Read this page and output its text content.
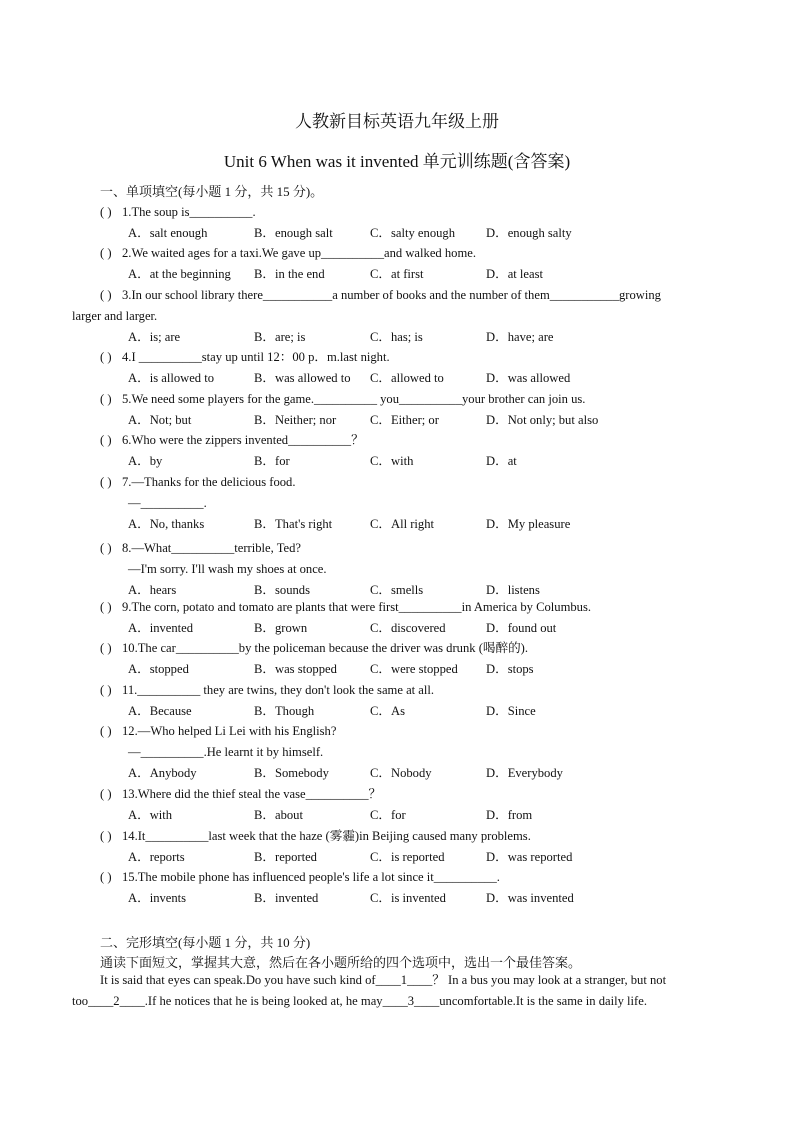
人教新目标英语九年级上册
Unit 6 When was it invented 单元训练题(含答案)
一、单项填空(每小题 1 分，共 15 分)。
( ) 1.The soup is__________.
A．salt enough	B．enough salt	C．salty enough D．enough salty
( ) 2.We waited ages for a taxi.We gave up__________and walked home.
A．at the beginning B．in the end	C．at first	D．at least
( ) 3.In our school library there___________a number of books and the number of them___________growing
larger and larger.
A．is; are	B．are; is	C．has; is	D．have; are
( ) 4.I __________stay up until 12：00 p．m.last night.
A．is allowed to	B．was allowed to C．allowed to	D．was allowed
( ) 5.We need some players for the game.__________ you__________your brother can join us.
A．Not; but	B．Neither; nor	C．Either; or	D．Not only; but also
( ) 6.Who were the zippers invented__________？
A．by	B．for	C．with	D．at
( ) 7.—Thanks for the delicious food.
—__________.
A．No, thanks	B．That's right	C．All right	D．My pleasure
( ) 8.—What__________terrible, Ted?
—I'm sorry. I'll wash my shoes at once.
A．hears	B．sounds	C．smells	D．listens
( ) 9.The corn, potato and tomato are plants that were first__________in America by Columbus.
A．invented	B．grown	C．discovered	D．found out
( ) 10.The car__________by the policeman because the driver was drunk (喝醉的).
A．stopped	B．was stopped	C．were stopped D．stops
( ) 11.__________ they are twins, they don't look the same at all.
A．Because	B．Though	C．As	D．Since
( ) 12.—Who helped Li Lei with his English?
—__________.He learnt it by himself.
A．Anybody	B．Somebody	C．Nobody	D．Everybody
( ) 13.Where did the thief steal the vase__________？
A．with	B．about	C．for	D．from
( ) 14.It__________last week that the haze (雾霾)in Beijing caused many problems.
A．reports	B．reported	C．is reported	D．was reported
( ) 15.The mobile phone has influenced people's life a lot since it__________.
A．invents	B．invented	C．is invented	D．was invented
二、完形填空(每小题 1 分，共 10 分)
通读下面短文，掌握其大意，然后在各小题所给的四个选项中，选出一个最佳答案。
It is said that eyes can speak.Do you have such kind of____1____？ In a bus you may look at a stranger, but not too____2____.If he notices that he is being looked at, he may____3____uncomfortable.It is the same in daily life.
